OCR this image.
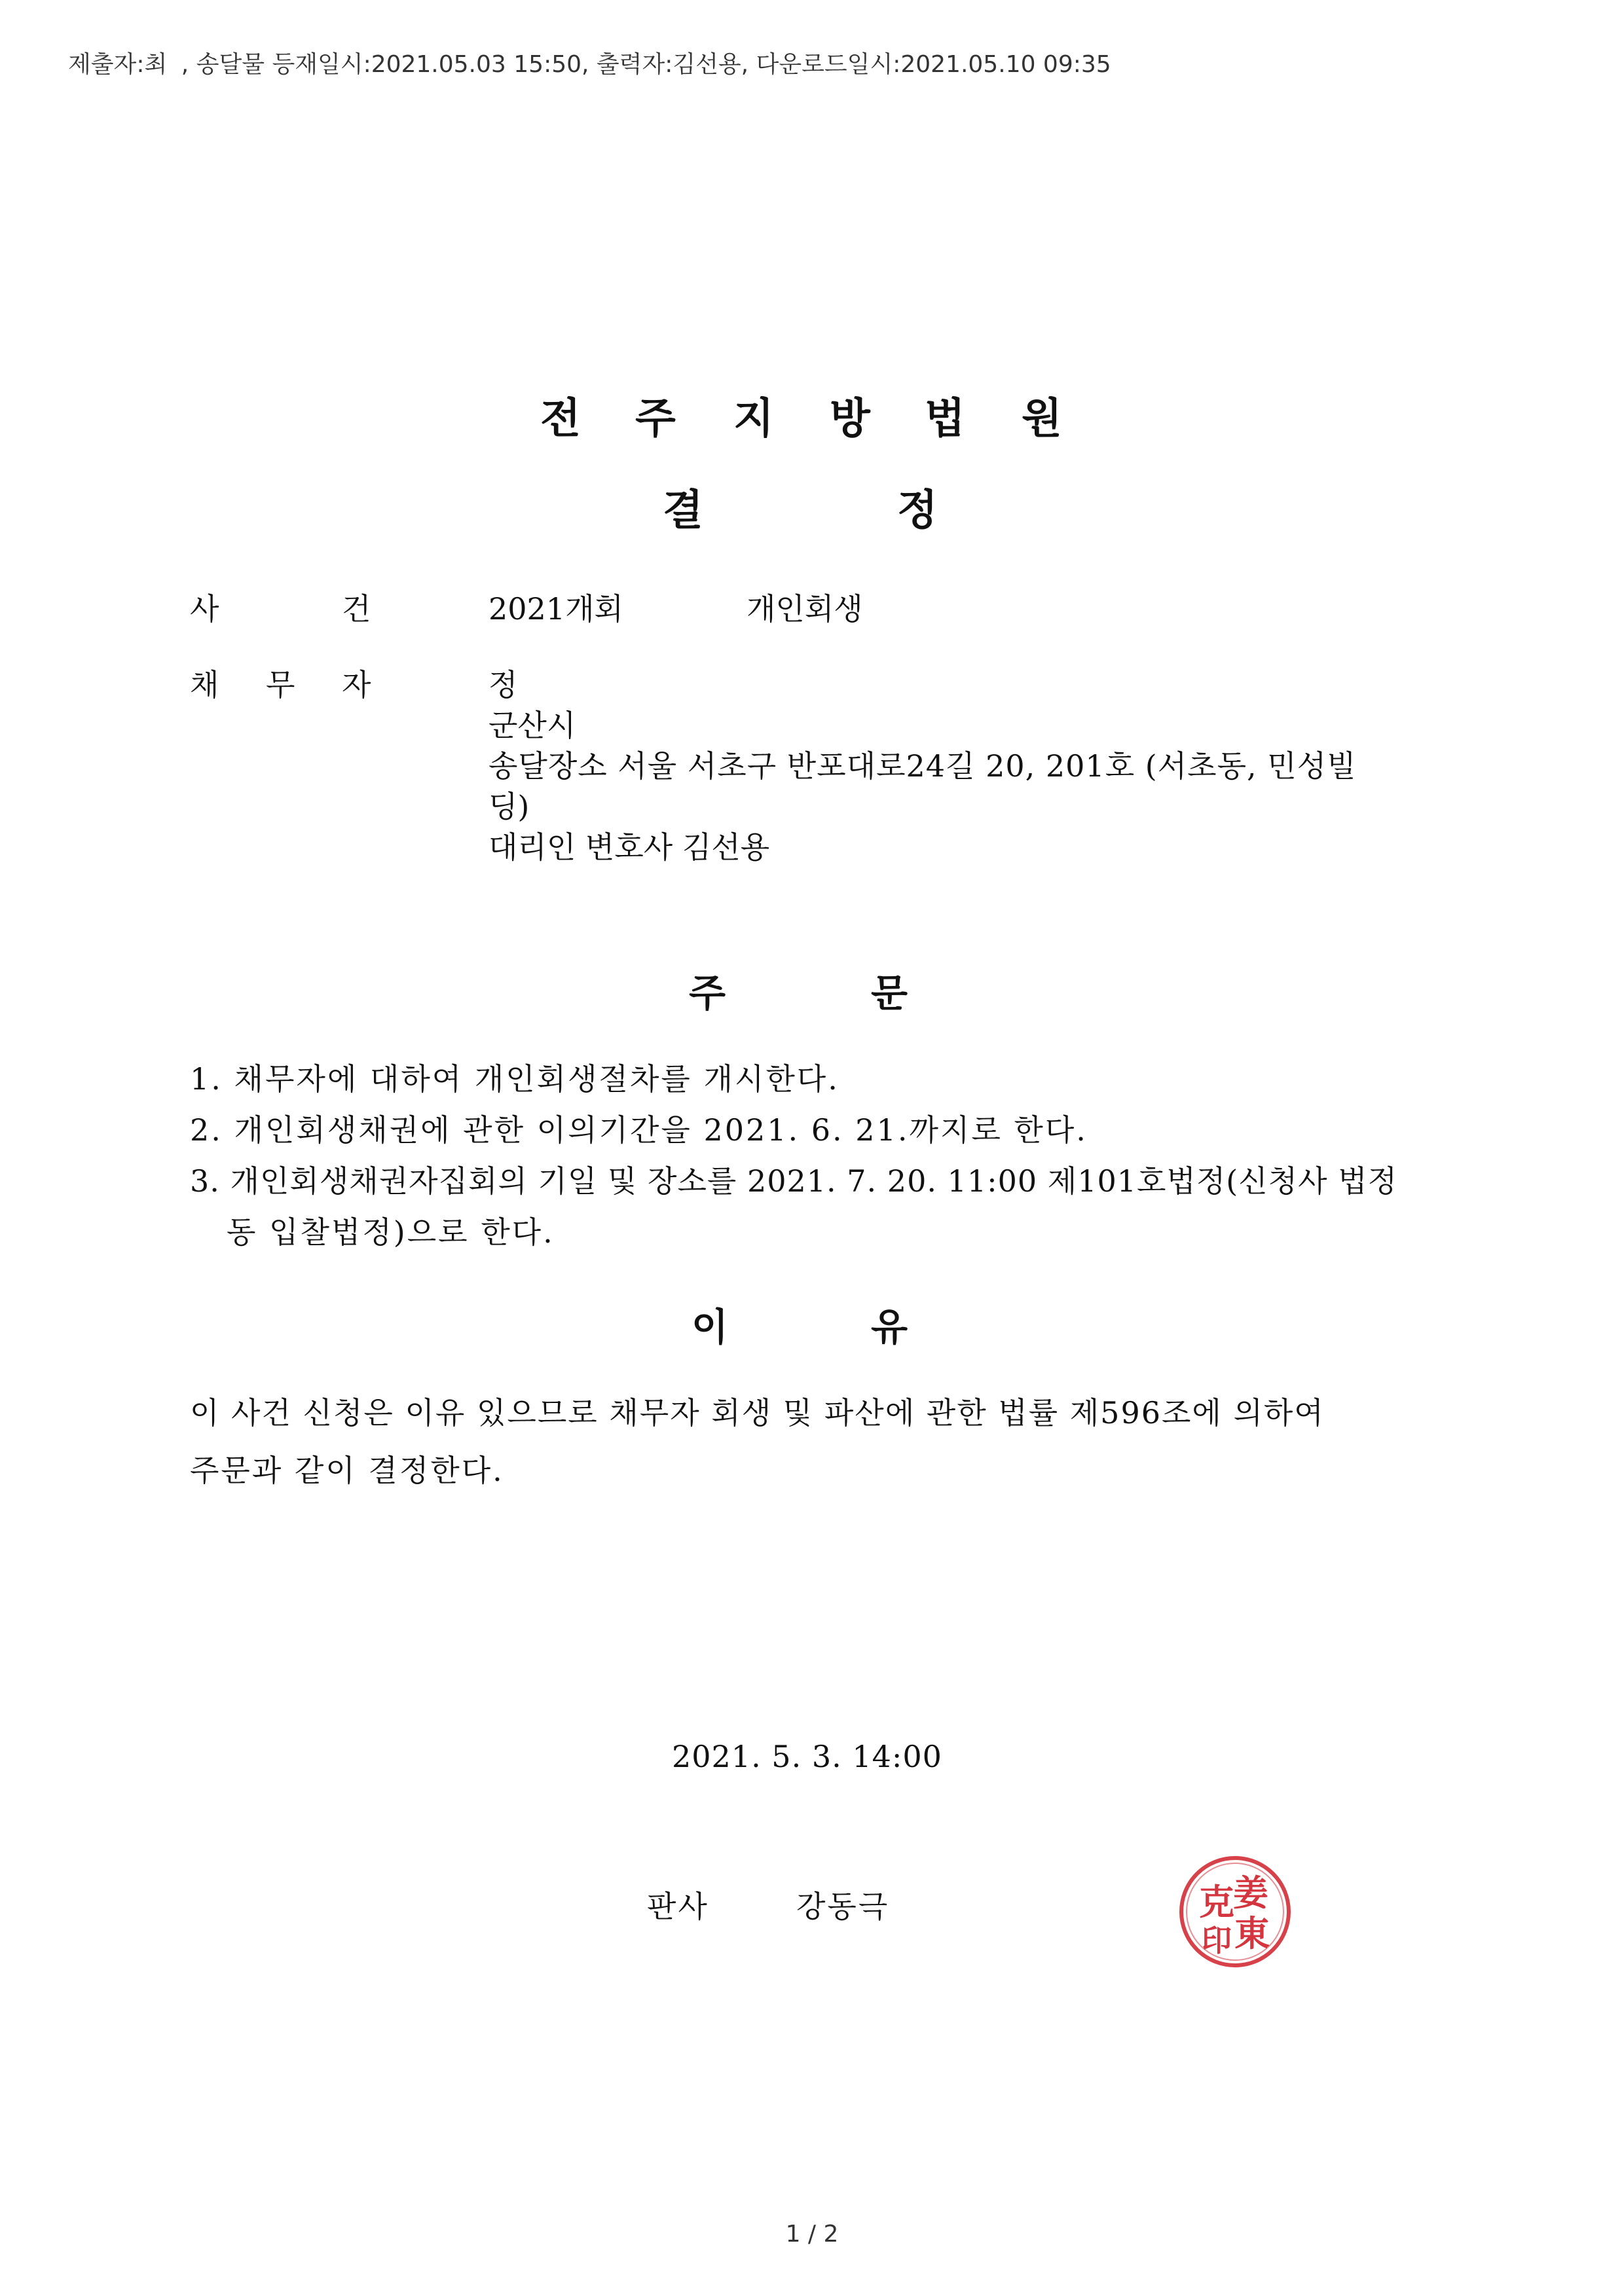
제출자:최   , 송달물 등재일시:2021.05.03 15:50, 출력자:김선용, 다운로드일시:2021.05.10 09:35
전 주 지 방 법 원
결	정
사	건	2021개회	개인회생
채 무 자	정
군산시
송달장소 서울 서초구 반포대로24길 20, 201호 (서초동, 민성빌
딩)
대리인 변호사 김선용
주	문
1. 채무자에 대하여 개인회생절차를 개시한다.
2. 개인회생채권에 관한 이의기간을 2021. 6. 21.까지로 한다.
3. 개인회생채권자집회의 기일 및 장소를 2021. 7. 20. 11:00 제101호법정(신청사 법정
동 입찰법정)으로 한다.
이	유
이 사건 신청은 이유 있으므로 채무자 회생 및 파산에 관한 법률 제596조에 의하여
주문과 같이 결정한다.
2021. 5. 3. 14:00
판사	강동극	姜
東
克
印
1 / 2
